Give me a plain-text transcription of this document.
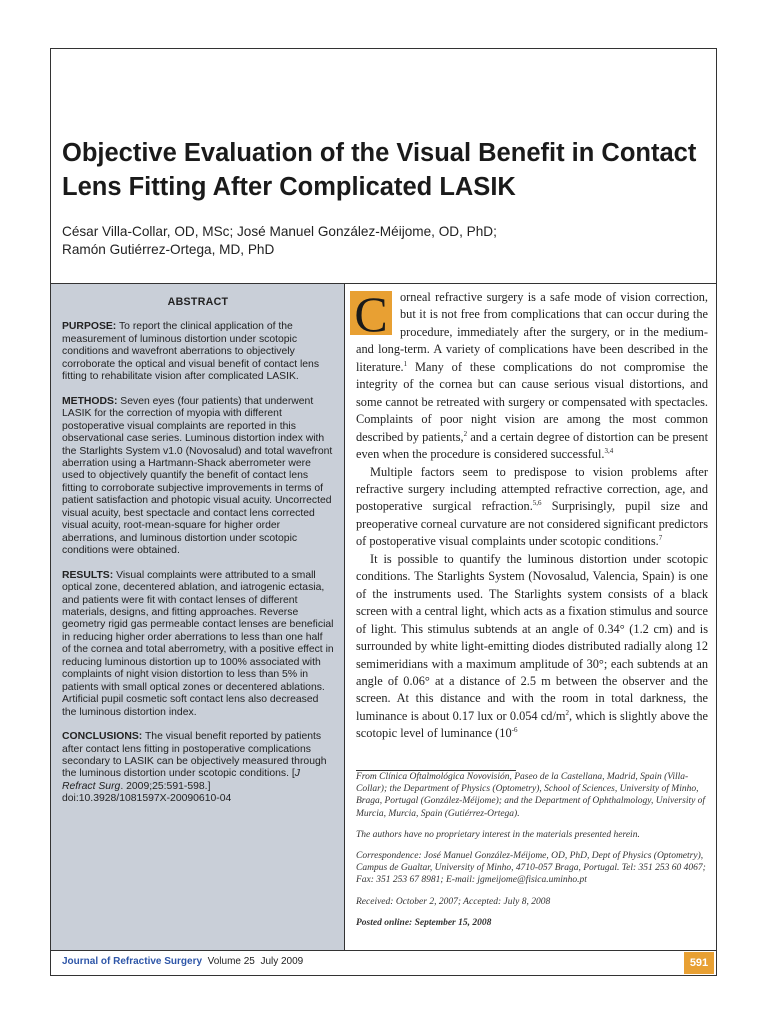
Objective Evaluation of the Visual Benefit in Contact Lens Fitting After Complicated LASIK
César Villa-Collar, OD, MSc; José Manuel González-Méijome, OD, PhD;
Ramón Gutiérrez-Ortega, MD, PhD
ABSTRACT

PURPOSE: To report the clinical application of the measurement of luminous distortion under scotopic conditions and wavefront aberrations to objectively corroborate the optical and visual benefit of contact lens fitting to rehabilitate vision after complicated LASIK.

METHODS: Seven eyes (four patients) that underwent LASIK for the correction of myopia with different postoperative visual complaints are reported in this observational case series. Luminous distortion index with the Starlights System v1.0 (Novosalud) and total wavefront aberration using a Hartmann-Shack aberrometer were used to objectively quantify the benefit of contact lens fitting to corroborate subjective improvements in terms of patient satisfaction and photopic visual acuity. Uncorrected visual acuity, best spectacle and contact lens corrected visual acuity, root-mean-square for higher order aberrations, and luminous distortion under scotopic conditions were obtained.

RESULTS: Visual complaints were attributed to a small optical zone, decentered ablation, and iatrogenic ectasia, and patients were fit with contact lenses of different materials, designs, and fitting approaches. Reverse geometry rigid gas permeable contact lenses are beneficial in reducing higher order aberrations to less than one half of the cornea and total aberrometry, with a positive effect in reducing luminous distortion up to 100% associated with complaints of night vision distortion to less than 5% in patients with small optical zones or decentered ablations. Artificial pupil cosmetic soft contact lens also decreased the luminous distortion index.

CONCLUSIONS: The visual benefit reported by patients after contact lens fitting in postoperative complications secondary to LASIK can be objectively measured through the luminous distortion under scotopic conditions. [J Refract Surg. 2009;25:591-598.]
doi:10.3928/1081597X-20090610-04

C orneal refractive surgery is a safe mode of vision correction, but it is not free from complications that can occur during the procedure, immediately after the surgery, or in the medium- and long-term. A variety of complications have been described in the literature.$^1$ Many of these complications do not compromise the integrity of the cornea but can cause serious visual distortions, and some cannot be retreated with surgery or compensated with spectacles. Complaints of poor night vision are among the most common described by patients,$^2$ and a certain degree of distortion can be present even when the procedure is considered successful.$^{3,4}$

Multiple factors seem to predispose to vision problems after refractive surgery including attempted refractive correction, age, and postoperative surgical refraction.$^{5,6}$ Surprisingly, pupil size and preoperative corneal curvature are not considered significant predictors of postoperative visual complaints under scotopic conditions.$^7$

It is possible to quantify the luminous distortion under scotopic conditions. The Starlights System (Novosalud, Valencia, Spain) is one of the instruments used. The Starlights system consists of a black screen with a central light, which acts as a fixation stimulus and source of light. This stimulus subtends at an angle of 0.34° (1.2 cm) and is surrounded by white light-emitting diodes distributed radially along 12 semimeridians with a maximum amplitude of 30°; each subtends at an angle of 0.06° at a distance of 2.5 m between the observer and the screen. At this distance and with the room in total darkness, the luminance is about 0.17 lux or 0.054 $cd/m^2$, which is slightly above the scotopic level of luminance ($10^{-6}$

From Clínica Oftalmológica Novovisión, Paseo de la Castellana, Madrid, Spain (Villa-Collar); the Department of Physics (Optometry), School of Sciences, University of Minho, Braga, Portugal (González-Méijome); and the Department of Ophthalmology, University of Murcia, Murcia, Spain (Gutiérrez-Ortega).

The authors have no proprietary interest in the materials presented herein.

Correspondence: José Manuel González-Méijome, OD, PhD, Dept of Physics (Optometry), Campus de Gualtar, University of Minho, 4710-057 Braga, Portugal. Tel: 351 253 60 4067; Fax: 351 253 67 8981; E-mail: jgmeijome@fisica.uminho.pt

Received: October 2, 2007; Accepted: July 8, 2008

Posted online: September 15, 2008

Journal of Refractive Surgery Volume 25 July 2009	591
